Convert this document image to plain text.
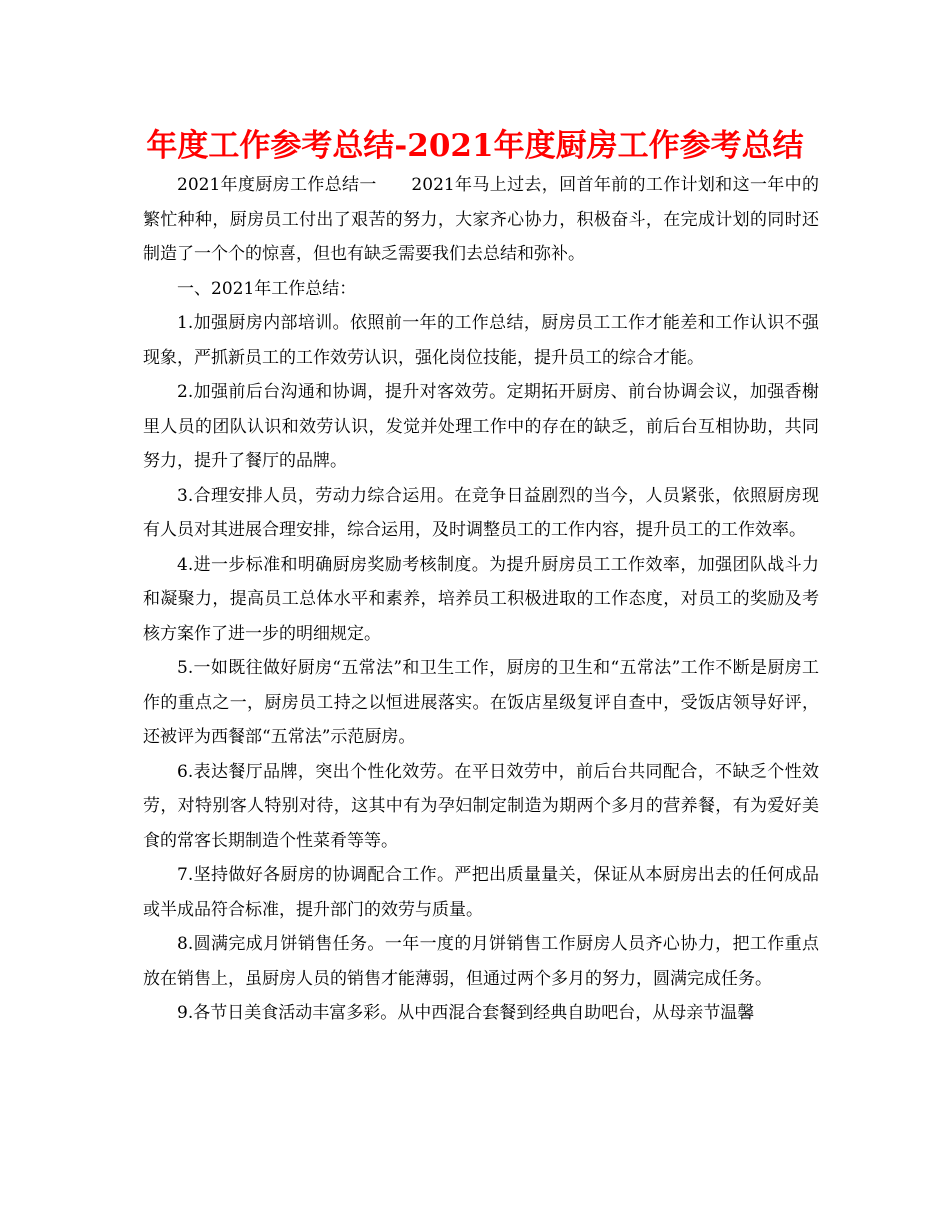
年度工作参考总结-2021年度厨房工作参考总结

2021年度厨房工作总结一　　2021年马上过去，回首年前的工作计划和这一年中的繁忙种种，厨房员工付出了艰苦的努力，大家齐心协力，积极奋斗，在完成计划的同时还制造了一个个的惊喜，但也有缺乏需要我们去总结和弥补。

一、2021年工作总结：

1.加强厨房内部培训。依照前一年的工作总结，厨房员工工作才能差和工作认识不强现象，严抓新员工的工作效劳认识，强化岗位技能，提升员工的综合才能。

2.加强前后台沟通和协调，提升对客效劳。定期拓开厨房、前台协调会议，加强香榭里人员的团队认识和效劳认识，发觉并处理工作中的存在的缺乏，前后台互相协助，共同努力，提升了餐厅的品牌。

3.合理安排人员，劳动力综合运用。在竞争日益剧烈的当今，人员紧张，依照厨房现有人员对其进展合理安排，综合运用，及时调整员工的工作内容，提升员工的工作效率。

4.进一步标准和明确厨房奖励考核制度。为提升厨房员工工作效率，加强团队战斗力和凝聚力，提高员工总体水平和素养，培养员工积极进取的工作态度，对员工的奖励及考核方案作了进一步的明细规定。

5.一如既往做好厨房“五常法”和卫生工作，厨房的卫生和“五常法”工作不断是厨房工作的重点之一，厨房员工持之以恒进展落实。在饭店星级复评自查中，受饭店领导好评，还被评为西餐部“五常法”示范厨房。

6.表达餐厅品牌，突出个性化效劳。在平日效劳中，前后台共同配合，不缺乏个性效劳，对特别客人特别对待，这其中有为孕妇制定制造为期两个多月的营养餐，有为爱好美食的常客长期制造个性菜肴等等。

7.坚持做好各厨房的协调配合工作。严把出质量量关，保证从本厨房出去的任何成品或半成品符合标准，提升部门的效劳与质量。

8.圆满完成月饼销售任务。一年一度的月饼销售工作厨房人员齐心协力，把工作重点放在销售上，虽厨房人员的销售才能薄弱，但通过两个多月的努力，圆满完成任务。

9.各节日美食活动丰富多彩。从中西混合套餐到经典自助吧台，从母亲节温馨
